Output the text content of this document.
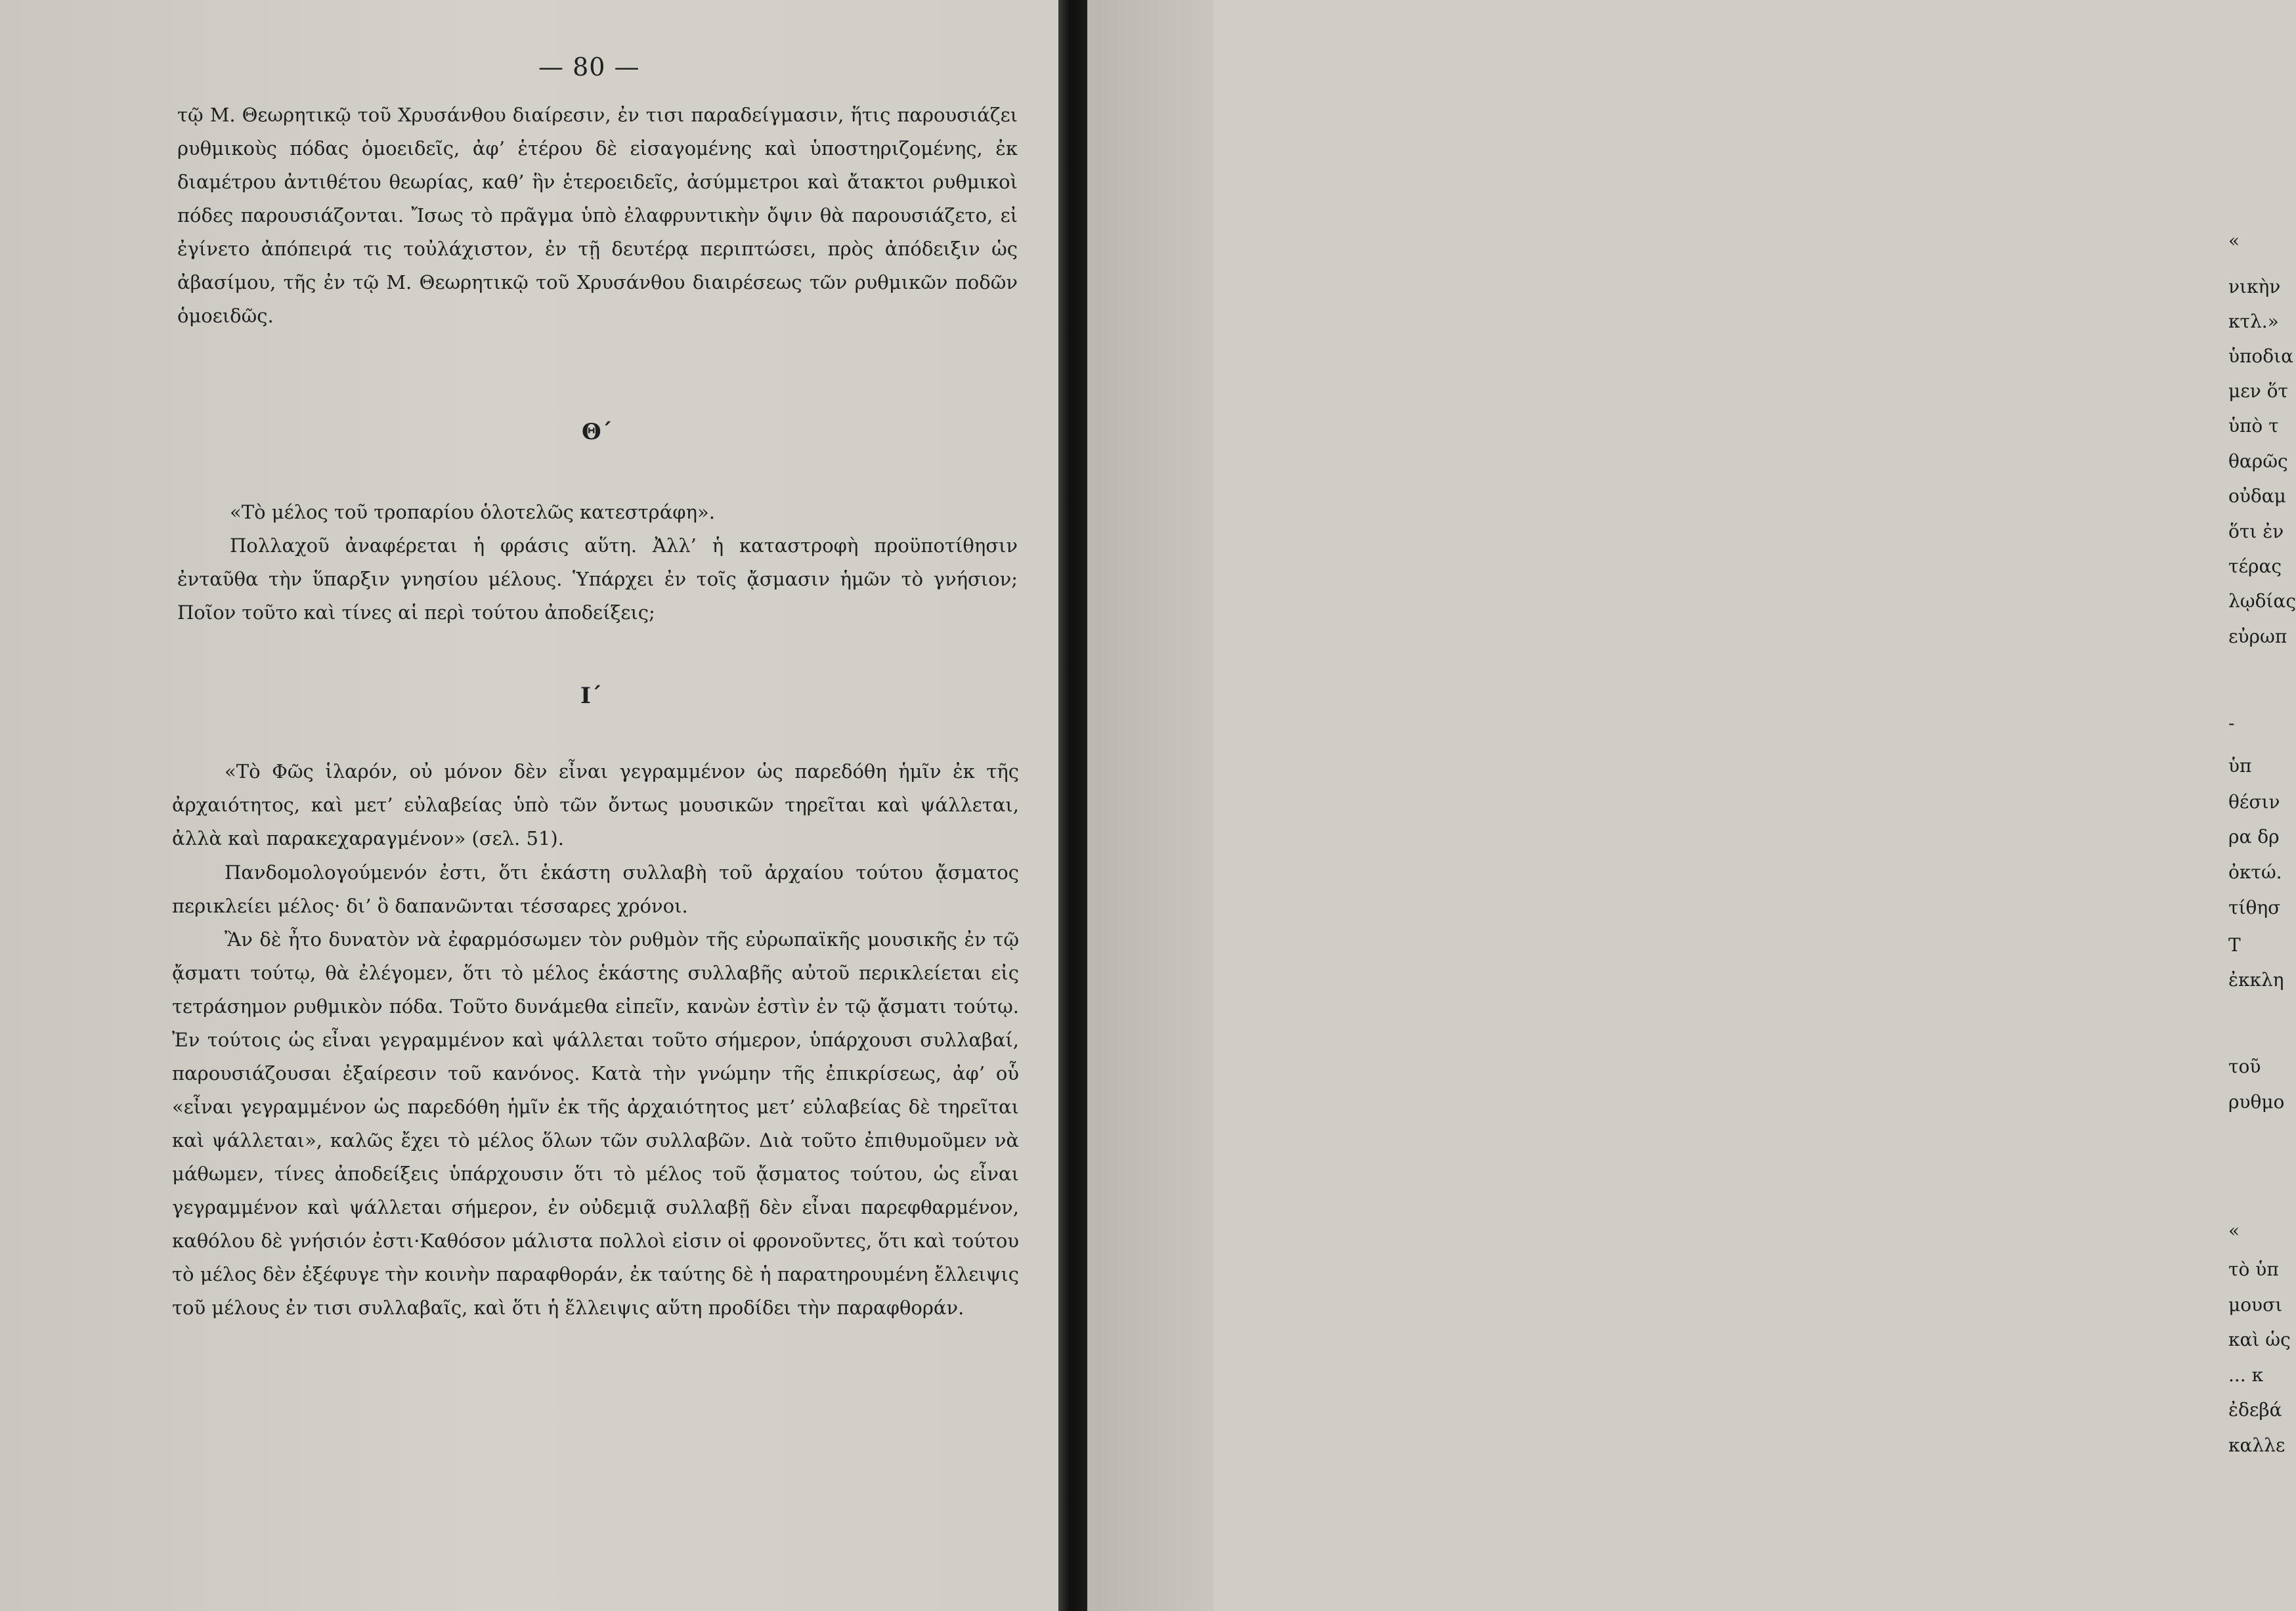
— 80 —

τῷ Μ. Θεωρητικῷ τοῦ Χρυσάνθου διαίρεσιν, ἐν τισι παραδείγμασιν, ἥτις παρουσιάζει ρυθμικοὺς πόδας ὁμοειδεῖς, ἀφ’ ἑτέρου δὲ εἰσαγομένης καὶ ὑποστηριζομένης, ἐκ διαμέτρου ἀντιθέτου θεωρίας, καθ’ ἣν ἑτεροειδεῖς, ἀσύμμετροι καὶ ἄτακτοι ρυθμικοὶ πόδες παρουσιάζονται. Ἴσως τὸ πρᾶγμα ὑπὸ ἐλαφρυντικὴν ὄψιν θὰ παρουσιάζετο, εἰ ἐγίνετο ἀπόπειρά τις τοὐλάχιστον, ἐν τῇ δευτέρᾳ περιπτώσει, πρὸς ἀπόδειξιν ὡς ἀβασίμου, τῆς ἐν τῷ Μ. Θεωρητικῷ τοῦ Χρυσάνθου διαιρέσεως τῶν ρυθμικῶν ποδῶν ὁμοειδῶς.

Θ΄

«Τὸ μέλος τοῦ τροπαρίου ὁλοτελῶς κατεστράφη».

Πολλαχοῦ ἀναφέρεται ἡ φράσις αὕτη. Ἀλλ’ ἡ καταστροφὴ προϋποτίθησιν ἐνταῦθα τὴν ὕπαρξιν γνησίου μέλους. Ὑπάρχει ἐν τοῖς ᾄσμασιν ἡμῶν τὸ γνήσιον; Ποῖον τοῦτο καὶ τίνες αἱ περὶ τούτου ἀποδείξεις;

Ι΄

«Τὸ Φῶς ἱλαρόν, οὐ μόνον δὲν εἶναι γεγραμμένον ὡς παρεδόθη ἡμῖν ἐκ τῆς ἀρχαιότητος, καὶ μετ’ εὐλαβείας ὑπὸ τῶν ὄντως μουσικῶν τηρεῖται καὶ ψάλλεται, ἀλλὰ καὶ παρακεχαραγμένον» (σελ. 51).

Πανδομολογούμενόν ἐστι, ὅτι ἑκάστη συλλαβὴ τοῦ ἀρχαίου τούτου ᾄσματος περικλείει μέλος· δι’ ὃ δαπανῶνται τέσσαρες χρόνοι.

Ἂν δὲ ἦτο δυνατὸν νὰ ἐφαρμόσωμεν τὸν ρυθμὸν τῆς εὐρωπαϊκῆς μουσικῆς ἐν τῷ ᾄσματι τούτῳ, θὰ ἐλέγομεν, ὅτι τὸ μέλος ἑκάστης συλλαβῆς αὐτοῦ περικλείεται εἰς τετράσημον ρυθμικὸν πόδα. Τοῦτο δυνάμεθα εἰπεῖν, κανὼν ἐστὶν ἐν τῷ ᾄσματι τούτῳ. Ἐν τούτοις ὡς εἶναι γεγραμμένον καὶ ψάλλεται τοῦτο σήμερον, ὑπάρχουσι συλλαβαί, παρουσιάζουσαι ἐξαίρεσιν τοῦ κανόνος. Κατὰ τὴν γνώμην τῆς ἐπικρίσεως, ἀφ’ οὗ «εἶναι γεγραμμένον ὡς παρεδόθη ἡμῖν ἐκ τῆς ἀρχαιότητος μετ’ εὐλαβείας δὲ τηρεῖται καὶ ψάλλεται», καλῶς ἔχει τὸ μέλος ὅλων τῶν συλλαβῶν. Διὰ τοῦτο ἐπιθυμοῦμεν νὰ μάθωμεν, τίνες ἀποδείξεις ὑπάρχουσιν ὅτι τὸ μέλος τοῦ ᾄσματος τούτου, ὡς εἶναι γεγραμμένον καὶ ψάλλεται σήμερον, ἐν οὐδεμιᾷ συλλαβῇ δὲν εἶναι παρεφθαρμένον, καθόλου δὲ γνήσιόν ἐστι·Καθόσον μάλιστα πολλοὶ εἰσιν οἱ φρονοῦντες, ὅτι καὶ τούτου τὸ μέλος δὲν ἐξέφυγε τὴν κοινὴν παραφθοράν, ἐκ ταύτης δὲ ἡ παρατηρουμένη ἔλλειψις τοῦ μέλους ἐν τισι συλλαβαῖς, καὶ ὅτι ἡ ἔλλειψις αὕτη προδίδει τὴν παραφθοράν.

«
νικὴν
κτλ.»
ὑποδια
μεν ὅτ
ὑπὸ τ
θαρῶς
οὐδαμ
ὅτι ἐν
τέρας
λῳδίας
εὐρωπ
-
ὑπ
θέσιν
ρα δρ
ὀκτώ.
τίθησ
Τ
ἐκκλη
τοῦ
ρυθμο
«
τὸ ὑπ
μουσι
καὶ ὡς
... κ
ἐδεβά
καλλε
